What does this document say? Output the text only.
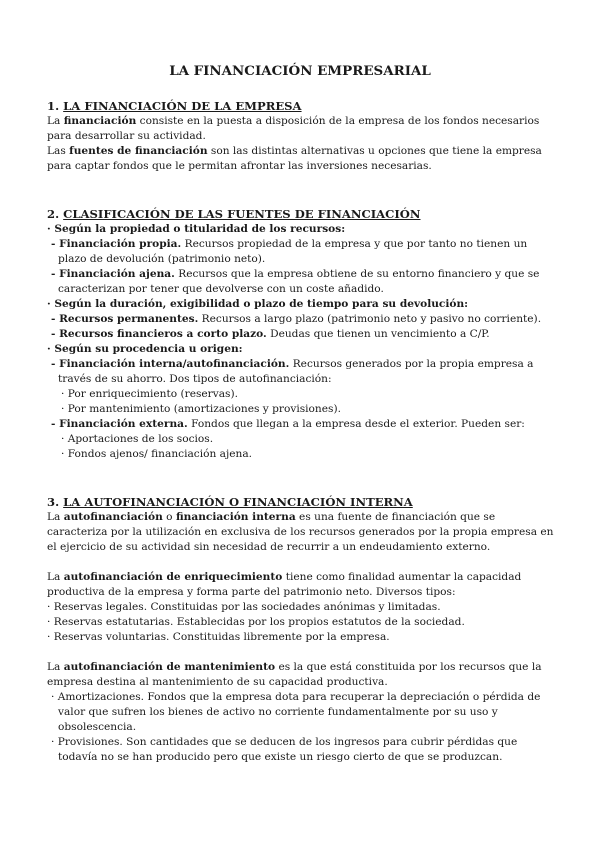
LA FINANCIACIÓN EMPRESARIAL
1. LA FINANCIACIÓN DE LA EMPRESA

La financiación consiste en la puesta a disposición de la empresa de los fondos necesarios para desarrollar su actividad.

Las fuentes de financiación son las distintas alternativas u opciones que tiene la empresa para captar fondos que le permitan afrontar las inversiones necesarias.

2. CLASIFICACIÓN DE LAS FUENTES DE FINANCIACIÓN

· Según la propiedad o titularidad de los recursos:

- Financiación propia. Recursos propiedad de la empresa y que por tanto no tienen un plazo de devolución (patrimonio neto).

- Financiación ajena. Recursos que la empresa obtiene de su entorno financiero y que se caracterizan por tener que devolverse con un coste añadido.

· Según la duración, exigibilidad o plazo de tiempo para su devolución:

- Recursos permanentes. Recursos a largo plazo (patrimonio neto y pasivo no corriente).

- Recursos financieros a corto plazo. Deudas que tienen un vencimiento a C/P.

· Según su procedencia u origen:

- Financiación interna/autofinanciación. Recursos generados por la propia empresa a través de su ahorro. Dos tipos de autofinanciación:

· Por enriquecimiento (reservas).

· Por mantenimiento (amortizaciones y provisiones).

- Financiación externa. Fondos que llegan a la empresa desde el exterior. Pueden ser:

· Aportaciones de los socios.

· Fondos ajenos/ financiación ajena.

3. LA AUTOFINANCIACIÓN O FINANCIACIÓN INTERNA

La autofinanciación o financiación interna es una fuente de financiación que se caracteriza por la utilización en exclusiva de los recursos generados por la propia empresa en el ejercicio de su actividad sin necesidad de recurrir a un endeudamiento externo.

La autofinanciación de enriquecimiento tiene como finalidad aumentar la capacidad productiva de la empresa y forma parte del patrimonio neto. Diversos tipos:

· Reservas legales. Constituidas por las sociedades anónimas y limitadas.

· Reservas estatutarias. Establecidas por los propios estatutos de la sociedad.

· Reservas voluntarias. Constituidas libremente por la empresa.

La autofinanciación de mantenimiento es la que está constituida por los recursos que la empresa destina al mantenimiento de su capacidad productiva.

· Amortizaciones. Fondos que la empresa dota para recuperar la depreciación o pérdida de valor que sufren los bienes de activo no corriente fundamentalmente por su uso y obsolescencia.

· Provisiones. Son cantidades que se deducen de los ingresos para cubrir pérdidas que todavía no se han producido pero que existe un riesgo cierto de que se produzcan.
